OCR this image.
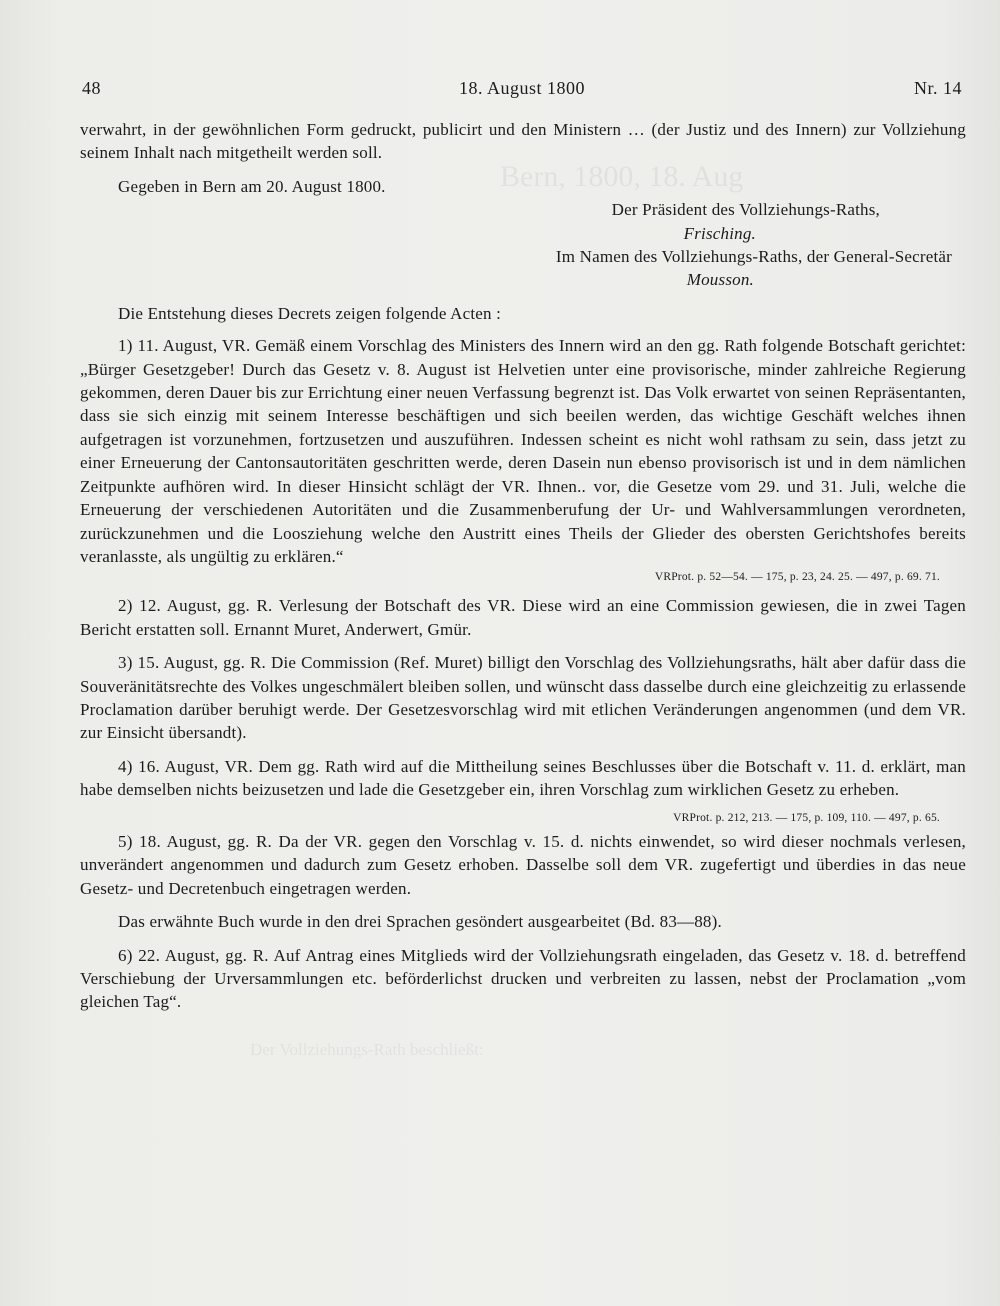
Bern, 1800, 18. Aug
Der Vollziehungs-Rath beschließt:
48	18. August 1800	Nr. 14

verwahrt, in der gewöhnlichen Form gedruckt, publicirt und den Ministern … (der Justiz und des Innern) zur Vollziehung seinem Inhalt nach mitgetheilt werden soll.

Gegeben in Bern am 20. August 1800.

Der Präsident des Vollziehungs-Raths,

Frisching.

Im Namen des Vollziehungs-Raths, der General-Secretär

Mousson.

Die Entstehung dieses Decrets zeigen folgende Acten :

1) 11. August, VR. Gemäß einem Vorschlag des Ministers des Innern wird an den gg. Rath folgende Botschaft gerichtet: „Bürger Gesetzgeber! Durch das Gesetz v. 8. August ist Helvetien unter eine provisorische, minder zahlreiche Regierung gekommen, deren Dauer bis zur Errichtung einer neuen Verfassung begrenzt ist. Das Volk erwartet von seinen Repräsentanten, dass sie sich einzig mit seinem Interesse beschäftigen und sich beeilen werden, das wichtige Geschäft welches ihnen aufgetragen ist vorzunehmen, fortzusetzen und auszuführen. Indessen scheint es nicht wohl rathsam zu sein, dass jetzt zu einer Erneuerung der Cantonsautoritäten geschritten werde, deren Dasein nun ebenso provisorisch ist und in dem nämlichen Zeitpunkte aufhören wird. In dieser Hinsicht schlägt der VR. Ihnen.. vor, die Gesetze vom 29. und 31. Juli, welche die Erneuerung der verschiedenen Autoritäten und die Zusammenberufung der Ur- und Wahlversammlungen verordneten, zurückzunehmen und die Loosziehung welche den Austritt eines Theils der Glieder des obersten Gerichtshofes bereits veranlasste, als ungültig zu erklären.“

VRProt. p. 52—54. — 175, p. 23, 24. 25. — 497, p. 69. 71.

2) 12. August, gg. R. Verlesung der Botschaft des VR. Diese wird an eine Commission gewiesen, die in zwei Tagen Bericht erstatten soll. Ernannt Muret, Anderwert, Gmür.

3) 15. August, gg. R. Die Commission (Ref. Muret) billigt den Vorschlag des Vollziehungsraths, hält aber dafür dass die Souveränitätsrechte des Volkes ungeschmälert bleiben sollen, und wünscht dass dasselbe durch eine gleichzeitig zu erlassende Proclamation darüber beruhigt werde. Der Gesetzesvorschlag wird mit etlichen Veränderungen angenommen (und dem VR. zur Einsicht übersandt).

4) 16. August, VR. Dem gg. Rath wird auf die Mittheilung seines Beschlusses über die Botschaft v. 11. d. erklärt, man habe demselben nichts beizusetzen und lade die Gesetzgeber ein, ihren Vorschlag zum wirklichen Gesetz zu erheben.
VRProt. p. 212, 213. — 175, p. 109, 110. — 497, p. 65.

5) 18. August, gg. R. Da der VR. gegen den Vorschlag v. 15. d. nichts einwendet, so wird dieser nochmals verlesen, unverändert angenommen und dadurch zum Gesetz erhoben. Dasselbe soll dem VR. zugefertigt und überdies in das neue Gesetz- und Decretenbuch eingetragen werden.

Das erwähnte Buch wurde in den drei Sprachen gesöndert ausgearbeitet (Bd. 83—88).

6) 22. August, gg. R. Auf Antrag eines Mitglieds wird der Vollziehungsrath eingeladen, das Gesetz v. 18. d. betreffend Verschiebung der Urversammlungen etc. beförderlichst drucken und verbreiten zu lassen, nebst der Proclamation „vom gleichen Tag“.
